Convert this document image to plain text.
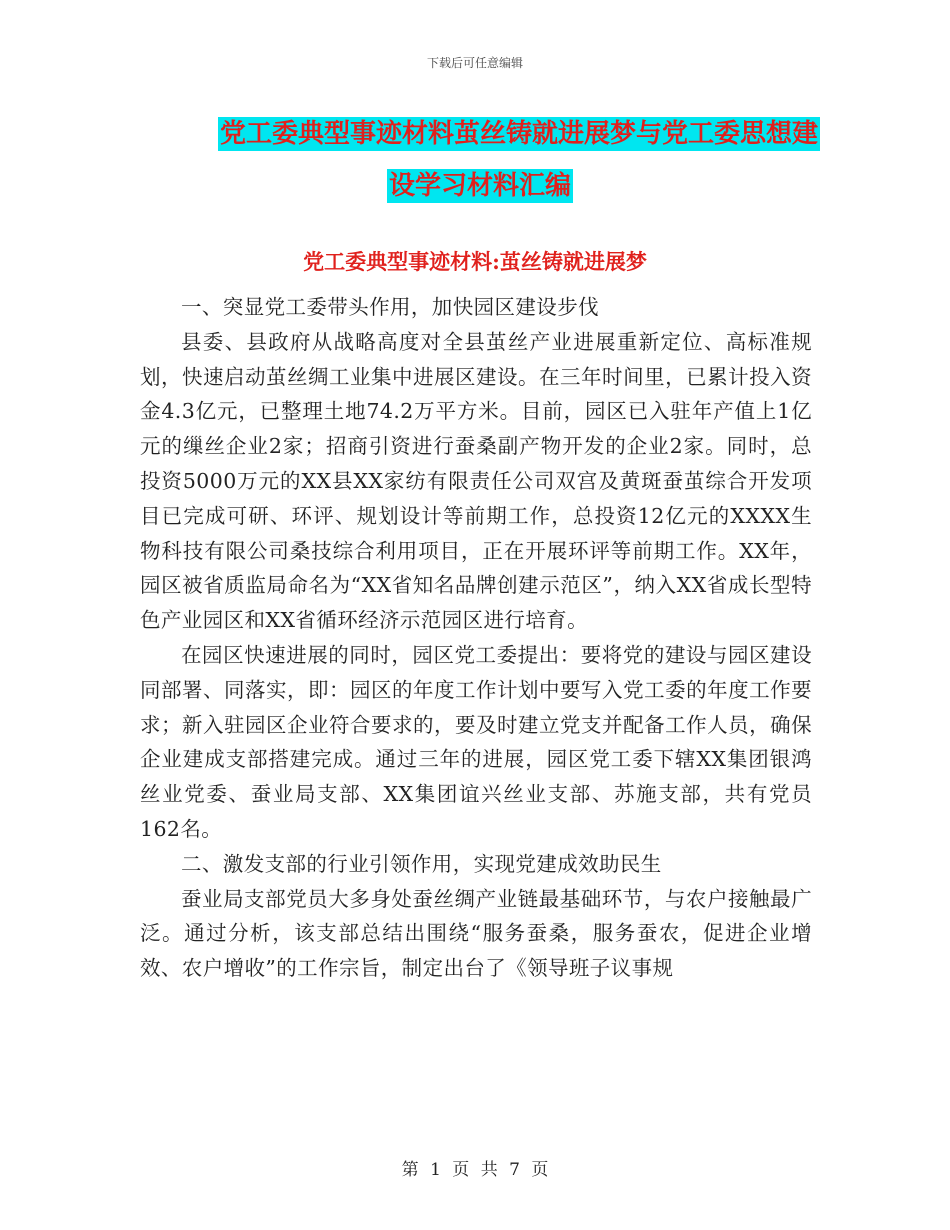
下载后可任意编辑
党工委典型事迹材料茧丝铸就进展梦与党工委思想建
设学习材料汇编
党工委典型事迹材料:茧丝铸就进展梦

一、突显党工委带头作用，加快园区建设步伐

县委、县政府从战略高度对全县茧丝产业进展重新定位、高标准规划，快速启动茧丝绸工业集中进展区建设。在三年时间里，已累计投入资金4.3亿元，已整理土地74.2万平方米。目前，园区已入驻年产值上1亿元的缫丝企业2家；招商引资进行蚕桑副产物开发的企业2家。同时，总投资5000万元的XX县XX家纺有限责任公司双宫及黄斑蚕茧综合开发项目已完成可研、环评、规划设计等前期工作，总投资12亿元的XXXX生物科技有限公司桑技综合利用项目，正在开展环评等前期工作。XX年，园区被省质监局命名为“XX省知名品牌创建示范区”，纳入XX省成长型特色产业园区和XX省循环经济示范园区进行培育。

在园区快速进展的同时，园区党工委提出：要将党的建设与园区建设同部署、同落实，即：园区的年度工作计划中要写入党工委的年度工作要求；新入驻园区企业符合要求的，要及时建立党支并配备工作人员，确保企业建成支部搭建完成。通过三年的进展，园区党工委下辖XX集团银鸿丝业党委、蚕业局支部、XX集团谊兴丝业支部、苏施支部，共有党员162名。

二、激发支部的行业引领作用，实现党建成效助民生

蚕业局支部党员大多身处蚕丝绸产业链最基础环节，与农户接触最广泛。通过分析，该支部总结出围绕“服务蚕桑，服务蚕农，促进企业增效、农户增收”的工作宗旨，制定出台了《领导班子议事规

第 1 页 共 7 页
